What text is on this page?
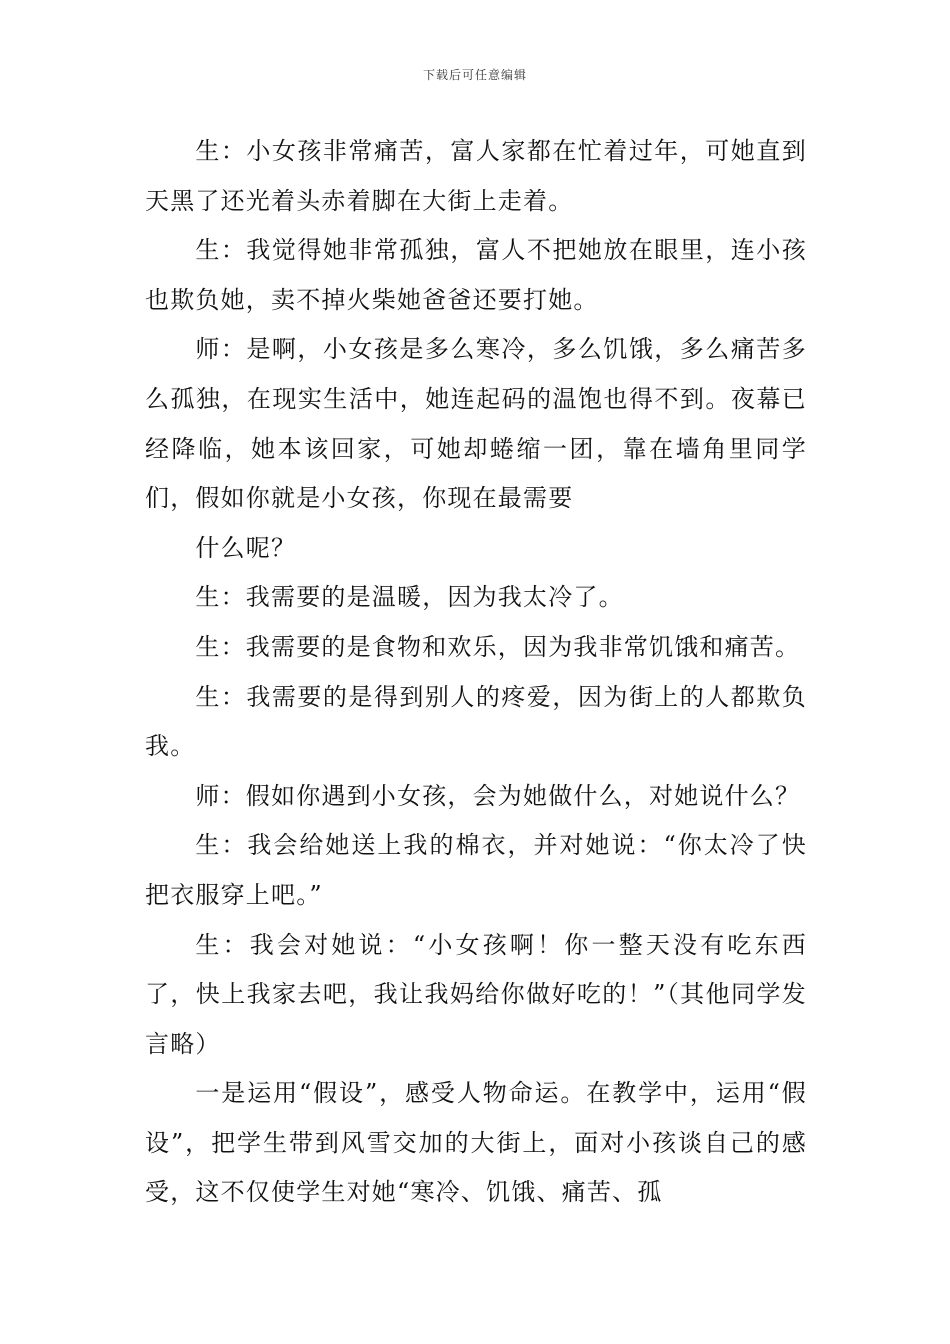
下载后可任意编辑

生：小女孩非常痛苦，富人家都在忙着过年，可她直到天黑了还光着头赤着脚在大街上走着。

生：我觉得她非常孤独，富人不把她放在眼里，连小孩也欺负她，卖不掉火柴她爸爸还要打她。

师：是啊，小女孩是多么寒冷，多么饥饿，多么痛苦多么孤独，在现实生活中，她连起码的温饱也得不到。夜幕已经降临，她本该回家，可她却蜷缩一团，靠在墙角里同学们，假如你就是小女孩，你现在最需要

什么呢？

生：我需要的是温暖，因为我太冷了。

生：我需要的是食物和欢乐，因为我非常饥饿和痛苦。

生：我需要的是得到别人的疼爱，因为街上的人都欺负我。

师：假如你遇到小女孩，会为她做什么，对她说什么？

生：我会给她送上我的棉衣，并对她说：“你太冷了快把衣服穿上吧。”

生：我会对她说：“小女孩啊！你一整天没有吃东西了，快上我家去吧，我让我妈给你做好吃的！”（其他同学发言略）

一是运用“假设”，感受人物命运。在教学中，运用“假设”，把学生带到风雪交加的大街上，面对小孩谈自己的感受，这不仅使学生对她“寒冷、饥饿、痛苦、孤
